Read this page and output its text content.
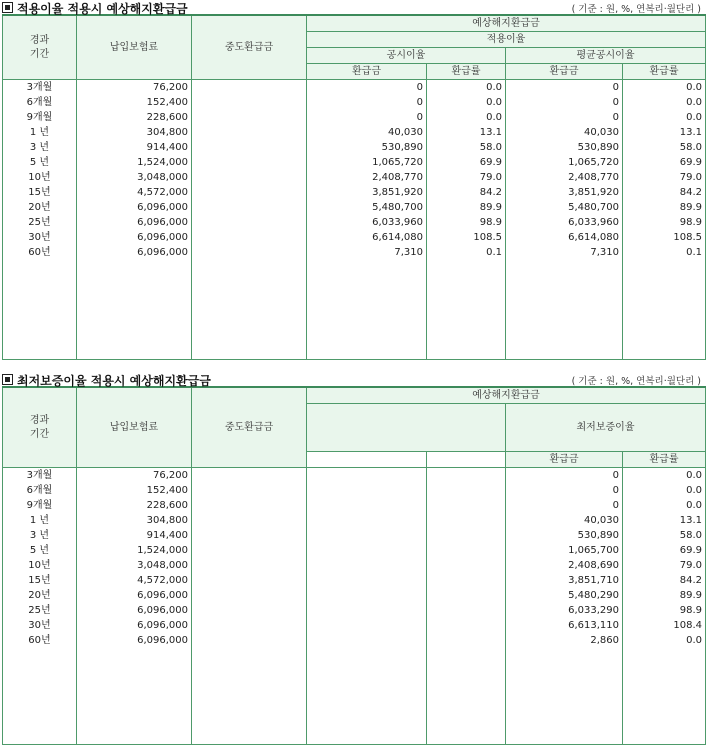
적용이율 적용시 예상해지환급금	( 기준 : 원, %, 연복리·월단리 )
경과
기간	납입보험료	중도환급금	예상해지환급금			
			적용이율			
			공시이율		평균공시이율	
			환급금	환급률	환급금	환급률
3개월	76,200		0	0.0	0	0.0
6개월	152,400		0	0.0	0	0.0
9개월	228,600		0	0.0	0	0.0
1 년	304,800		40,030	13.1	40,030	13.1
3 년	914,400		530,890	58.0	530,890	58.0
5 년	1,524,000		1,065,720	69.9	1,065,720	69.9
10년	3,048,000		2,408,770	79.0	2,408,770	79.0
15년	4,572,000		3,851,920	84.2	3,851,920	84.2
20년	6,096,000		5,480,700	89.9	5,480,700	89.9
25년	6,096,000		6,033,960	98.9	6,033,960	98.9
30년	6,096,000		6,614,080	108.5	6,614,080	108.5
60년	6,096,000		7,310	0.1	7,310	0.1

최저보증이율 적용시 예상해지환급금	( 기준 : 원, %, 연복리·월단리 )
경과
기간	납입보험료	중도환급금	예상해지환급금			
					최저보증이율	

					환급금	환급률
3개월	76,200				0	0.0
6개월	152,400				0	0.0
9개월	228,600				0	0.0
1 년	304,800				40,030	13.1
3 년	914,400				530,890	58.0
5 년	1,524,000				1,065,700	69.9
10년	3,048,000				2,408,690	79.0
15년	4,572,000				3,851,710	84.2
20년	6,096,000				5,480,290	89.9
25년	6,096,000				6,033,290	98.9
30년	6,096,000				6,613,110	108.4
60년	6,096,000				2,860	0.0
